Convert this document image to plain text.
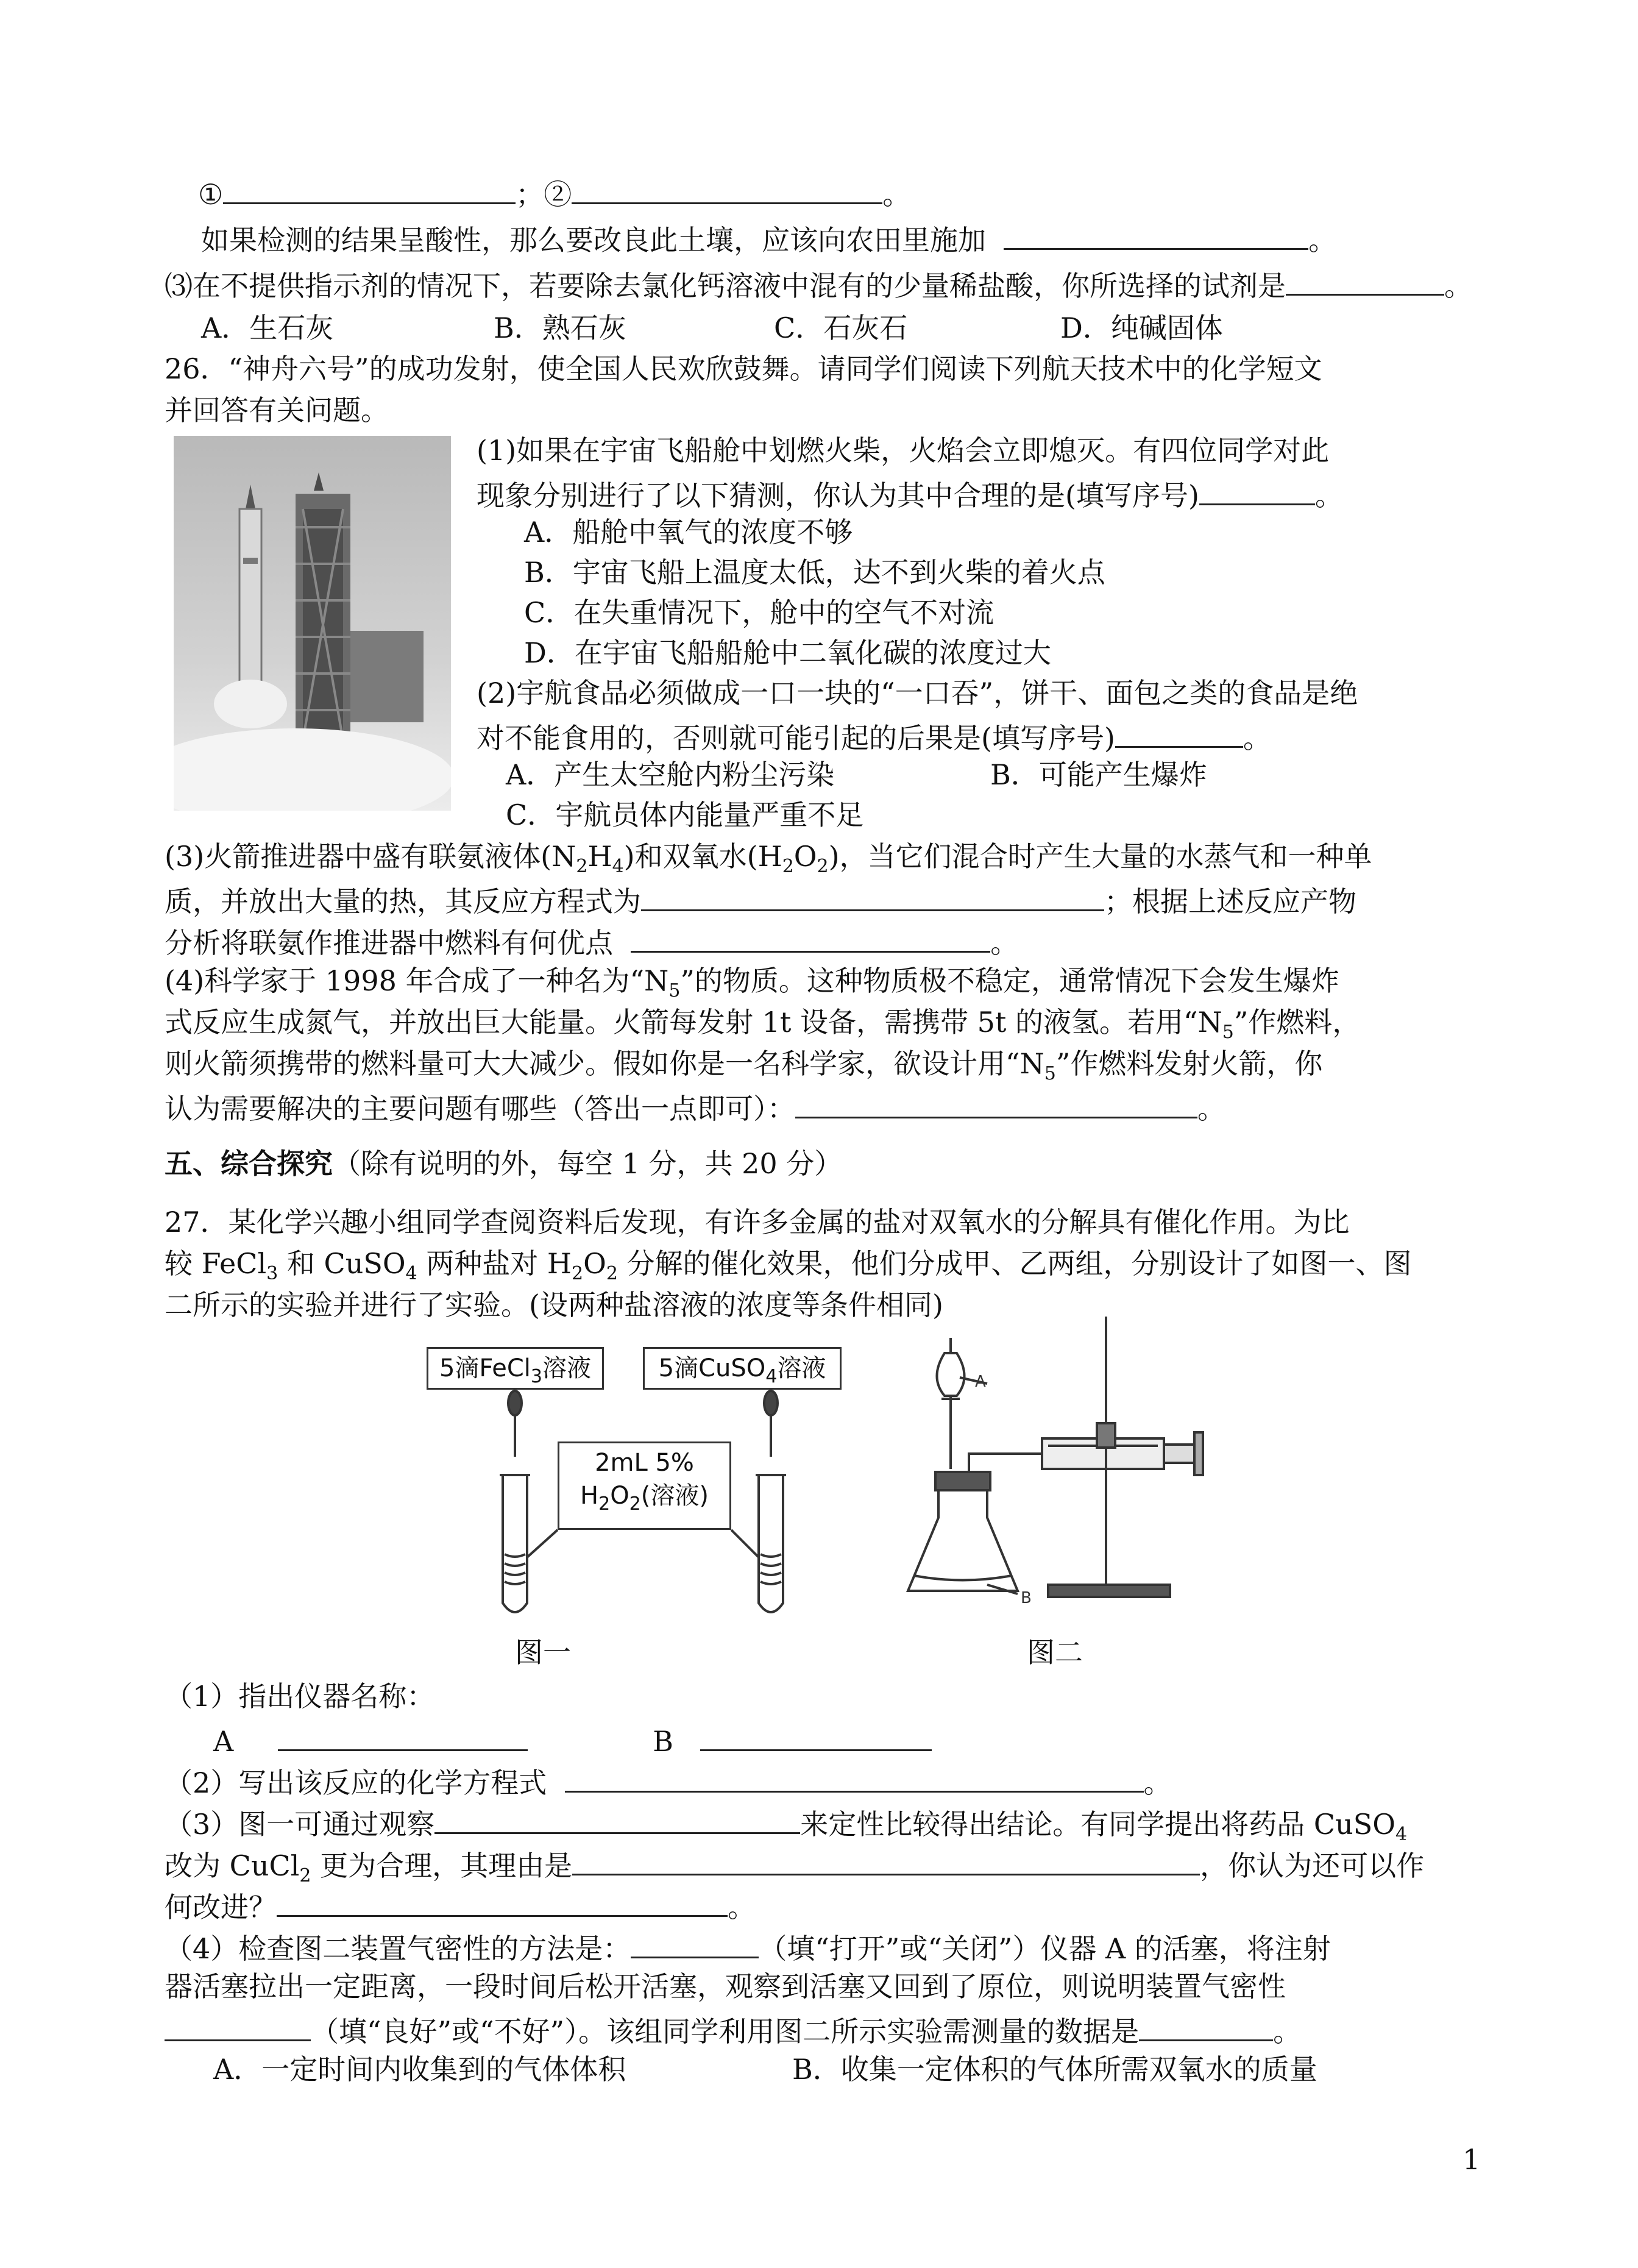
①	；②	。
如果检测的结果呈酸性，那么要改良此土壤，应该向农田里施加	。
⑶在不提供指示剂的情况下，若要除去氯化钙溶液中混有的少量稀盐酸，你所选择的试剂是	。
A．生石灰	B．熟石灰	C．石灰石	D．纯碱固体
26．“神舟六号”的成功发射，使全国人民欢欣鼓舞。请同学们阅读下列航天技术中的化学短文
并回答有关问题。
(1)如果在宇宙飞船舱中划燃火柴，火焰会立即熄灭。有四位同学对此
现象分别进行了以下猜测，你认为其中合理的是(填写序号)	。
A．船舱中氧气的浓度不够
B．宇宙飞船上温度太低，达不到火柴的着火点
C．在失重情况下，舱中的空气不对流
D．在宇宙飞船船舱中二氧化碳的浓度过大
(2)宇航食品必须做成一口一块的“一口吞”，饼干、面包之类的食品是绝
对不能食用的，否则就可能引起的后果是(填写序号)	。
A．产生太空舱内粉尘污染	B．可能产生爆炸
C．宇航员体内能量严重不足
(3)火箭推进器中盛有联氨液体$(N_2H_4)$和双氧水$(H_2O_2)$，当它们混合时产生大量的水蒸气和一种单
质，并放出大量的热，其反应方程式为	；根据上述反应产物
分析将联氨作推进器中燃料有何优点	。
(4)科学家于 1998 年合成了一种名为“$N_5$”的物质。这种物质极不稳定，通常情况下会发生爆炸
式反应生成氮气，并放出巨大能量。火箭每发射 1t 设备，需携带 5t 的液氢。若用“$N_5$”作燃料，
则火箭须携带的燃料量可大大减少。假如你是一名科学家，欲设计用“$N_5$”作燃料发射火箭，你
认为需要解决的主要问题有哪些（答出一点即可）：	。
五、综合探究（除有说明的外，每空 1 分，共 20 分）
27．某化学兴趣小组同学查阅资料后发现，有许多金属的盐对双氧水的分解具有催化作用。为比
较 FeCl$_3$ 和 CuSO$_4$ 两种盐对 $H_2O_2$ 分解的催化效果，他们分成甲、乙两组，分别设计了如图一、图
二所示的实验并进行了实验。(设两种盐溶液的浓度等条件相同)
5滴FeCl$_3$溶液	5滴CuSO$_4$溶液
2mL 5%
$H_2O_2$(溶液)
A
B
图一	图二
（1）指出仪器名称：
A	B
（2）写出该反应的化学方程式	。
（3）图一可通过观察	来定性比较得出结论。有同学提出将药品 CuSO$_4$
改为 CuCl$_2$ 更为合理，其理由是	，你认为还可以作
何改进？	。
（4）检查图二装置气密性的方法是：	（填“打开”或“关闭”）仪器 A 的活塞，将注射
器活塞拉出一定距离，一段时间后松开活塞，观察到活塞又回到了原位，则说明装置气密性
（填“良好”或“不好”）。该组同学利用图二所示实验需测量的数据是	。
A．一定时间内收集到的气体体积	B．收集一定体积的气体所需双氧水的质量
1
